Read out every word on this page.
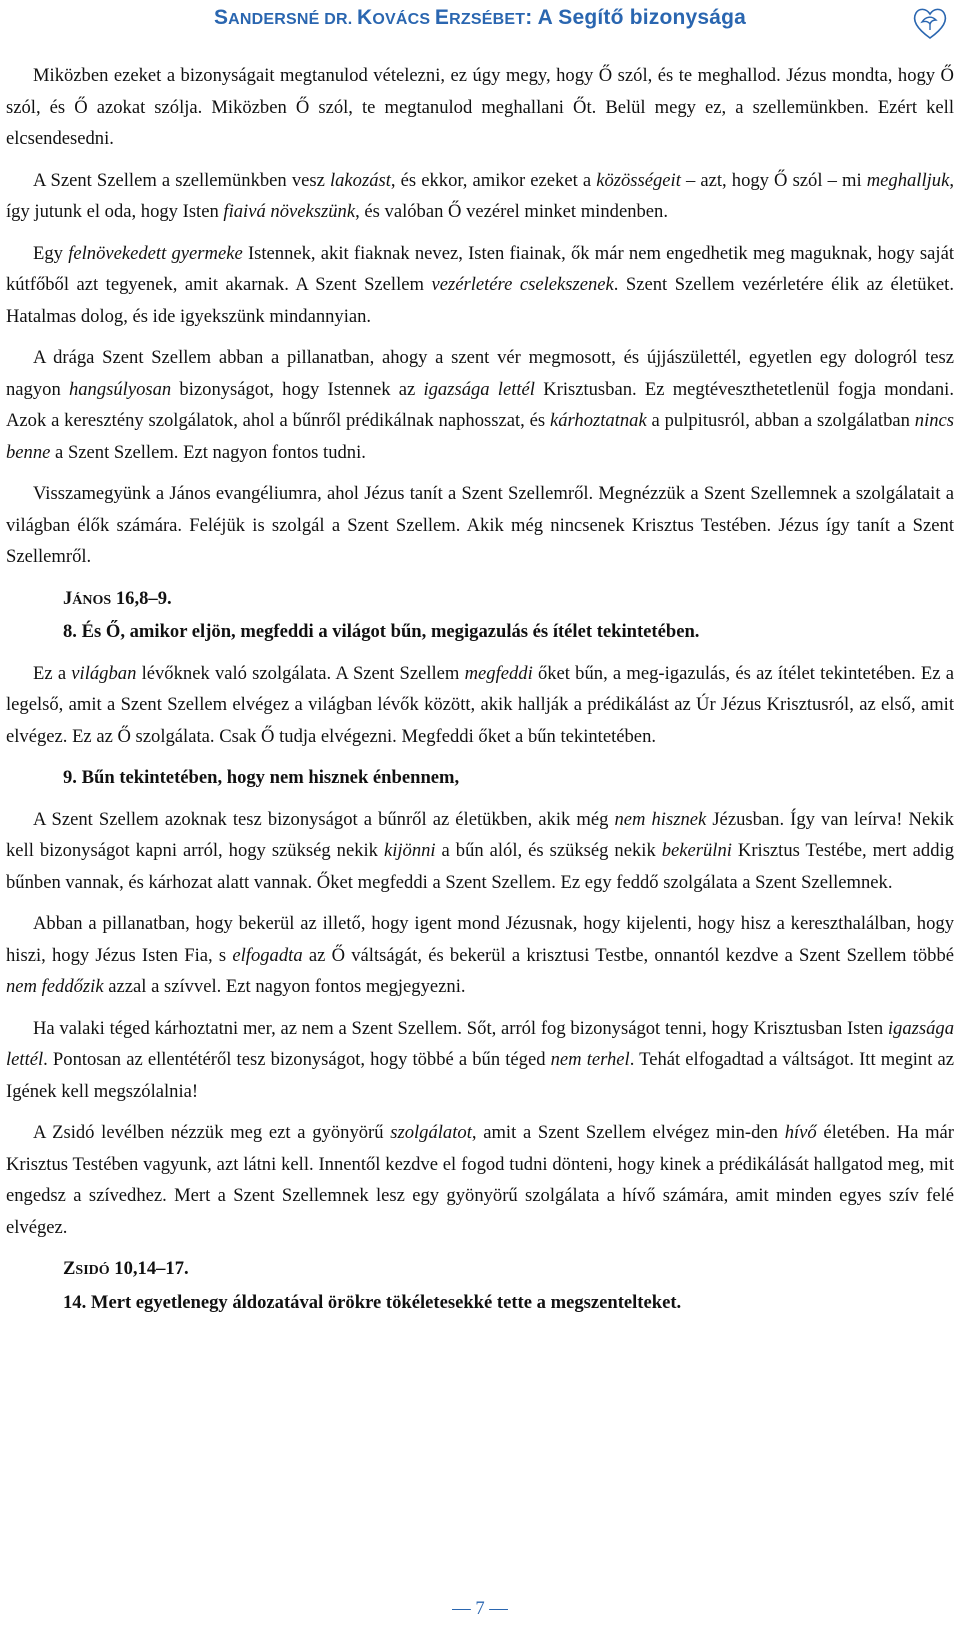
SANDERSNÉ DR. KOVÁCS ERZSÉBET: A Segítő bizonysága

Miközben ezeket a bizonyságait megtanulod vételezni, ez úgy megy, hogy Ő szól, és te meghallod. Jézus mondta, hogy Ő szól, és Ő azokat szólja. Miközben Ő szól, te megtanulod meghallani Őt. Belül megy ez, a szellemünkben. Ezért kell elcsendesedni.

A Szent Szellem a szellemünkben vesz lakozást, és ekkor, amikor ezeket a közösségeit – azt, hogy Ő szól – mi meghalljuk, így jutunk el oda, hogy Isten fiaivá növekszünk, és valóban Ő vezérel minket mindenben.

Egy felnövekedett gyermeke Istennek, akit fiaknak nevez, Isten fiainak, ők már nem engedhetik meg maguknak, hogy saját kútfőből azt tegyenek, amit akarnak. A Szent Szellem vezérletére cselekszenek. Szent Szellem vezérletére élik az életüket. Hatalmas dolog, és ide igyekszünk mindannyian.

A drága Szent Szellem abban a pillanatban, ahogy a szent vér megmosott, és újjászülettél, egyetlen egy dologról tesz nagyon hangsúlyosan bizonyságot, hogy Istennek az igazsága lettél Krisztusban. Ez megtéveszthetetlenül fogja mondani. Azok a keresztény szolgálatok, ahol a bűnről prédikálnak naphosszat, és kárhoztatnak a pulpitusról, abban a szolgálatban nincs benne a Szent Szellem. Ezt nagyon fontos tudni.

Visszamegyünk a János evangéliumra, ahol Jézus tanít a Szent Szellemről. Megnézzük a Szent Szellemnek a szolgálatait a világban élők számára. Feléjük is szolgál a Szent Szellem. Akik még nincsenek Krisztus Testében. Jézus így tanít a Szent Szellemről.

JÁNOS 16,8–9.
8. És Ő, amikor eljön, megfeddi a világot bűn, megigazulás és ítélet tekintetében.

Ez a világban lévőknek való szolgálata. A Szent Szellem megfeddi őket bűn, a meg-igazulás, és az ítélet tekintetében. Ez a legelső, amit a Szent Szellem elvégez a világban lévők között, akik hallják a prédikálást az Úr Jézus Krisztusról, az első, amit elvégez. Ez az Ő szolgálata. Csak Ő tudja elvégezni. Megfeddi őket a bűn tekintetében.

9. Bűn tekintetében, hogy nem hisznek énbennem,

A Szent Szellem azoknak tesz bizonyságot a bűnről az életükben, akik még nem hisznek Jézusban. Így van leírva! Nekik kell bizonyságot kapni arról, hogy szükség nekik kijönni a bűn alól, és szükség nekik bekerülni Krisztus Testébe, mert addig bűnben vannak, és kárhozat alatt vannak. Őket megfeddi a Szent Szellem. Ez egy feddő szolgálata a Szent Szellemnek.

Abban a pillanatban, hogy bekerül az illető, hogy igent mond Jézusnak, hogy kijelenti, hogy hisz a kereszthalálban, hogy hiszi, hogy Jézus Isten Fia, s elfogadta az Ő váltságát, és bekerül a krisztusi Testbe, onnantól kezdve a Szent Szellem többé nem feddőzik azzal a szívvel. Ezt nagyon fontos megjegyezni.

Ha valaki téged kárhoztatni mer, az nem a Szent Szellem. Sőt, arról fog bizonyságot tenni, hogy Krisztusban Isten igazsága lettél. Pontosan az ellentétéről tesz bizonyságot, hogy többé a bűn téged nem terhel. Tehát elfogadtad a váltságot. Itt megint az Igének kell megszólalnia!

A Zsidó levélben nézzük meg ezt a gyönyörű szolgálatot, amit a Szent Szellem elvégez min-den hívő életében. Ha már Krisztus Testében vagyunk, azt látni kell. Innentől kezdve el fogod tudni dönteni, hogy kinek a prédikálását hallgatod meg, mit engedsz a szívedhez. Mert a Szent Szellemnek lesz egy gyönyörű szolgálata a hívő számára, amit minden egyes szív felé elvégez.

ZSIDÓ 10,14–17.
14. Mert egyetlenegy áldozatával örökre tökéletesekké tette a megszentelteket.
— 7 —
